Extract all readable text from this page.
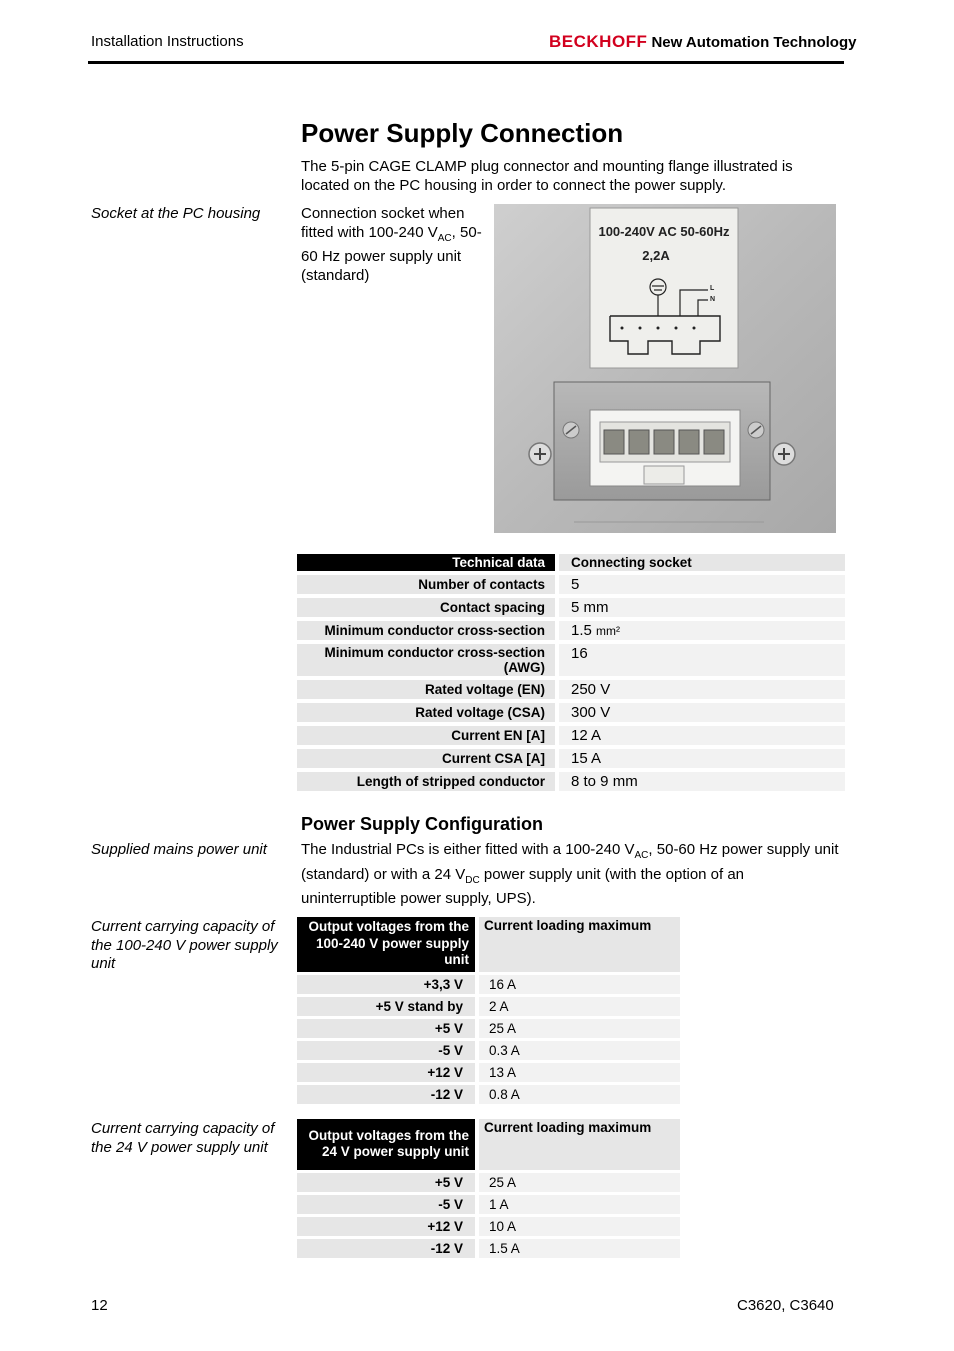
Installation Instructions	BECKHOFF New Automation Technology
Power Supply Connection
The 5-pin CAGE CLAMP plug connector and mounting flange illustrated is located on the PC housing in order to connect the power supply.
Socket at the PC housing	Connection socket when fitted with 100-240 $V_{AC}$, 50-60 Hz power supply unit (standard)
100-240V AC 50-60Hz
2,2A
L
N
Technical data	Connecting socket
Number of contacts	5
Contact spacing	5 mm
Minimum conductor cross-section	1.5 mm²
Minimum conductor cross-section (AWG)	16
Rated voltage (EN)	250 V
Rated voltage (CSA)	300 V
Current EN [A]	12 A
Current CSA [A]	15 A
Length of stripped conductor	8 to 9 mm
Power Supply Configuration
Supplied mains power unit	The Industrial PCs is either fitted with a 100-240 $V_{AC}$, 50-60 Hz power supply unit (standard) or with a 24 $V_{DC}$ power supply unit (with the option of an uninterruptible power supply, UPS).
Current carrying capacity of the 100-240 V power supply unit
Output voltages from the 100-240 V power supply unit	Current loading maximum
+3,3 V	16 A
+5 V stand by	2 A
+5 V	25 A
-5 V	0.3 A
+12 V	13 A
-12 V	0.8 A
Current carrying capacity of the 24 V power supply unit
Output voltages from the 24 V power supply unit	Current loading maximum
+5 V	25 A
-5 V	1 A
+12 V	10 A
-12 V	1.5 A
12	C3620, C3640
